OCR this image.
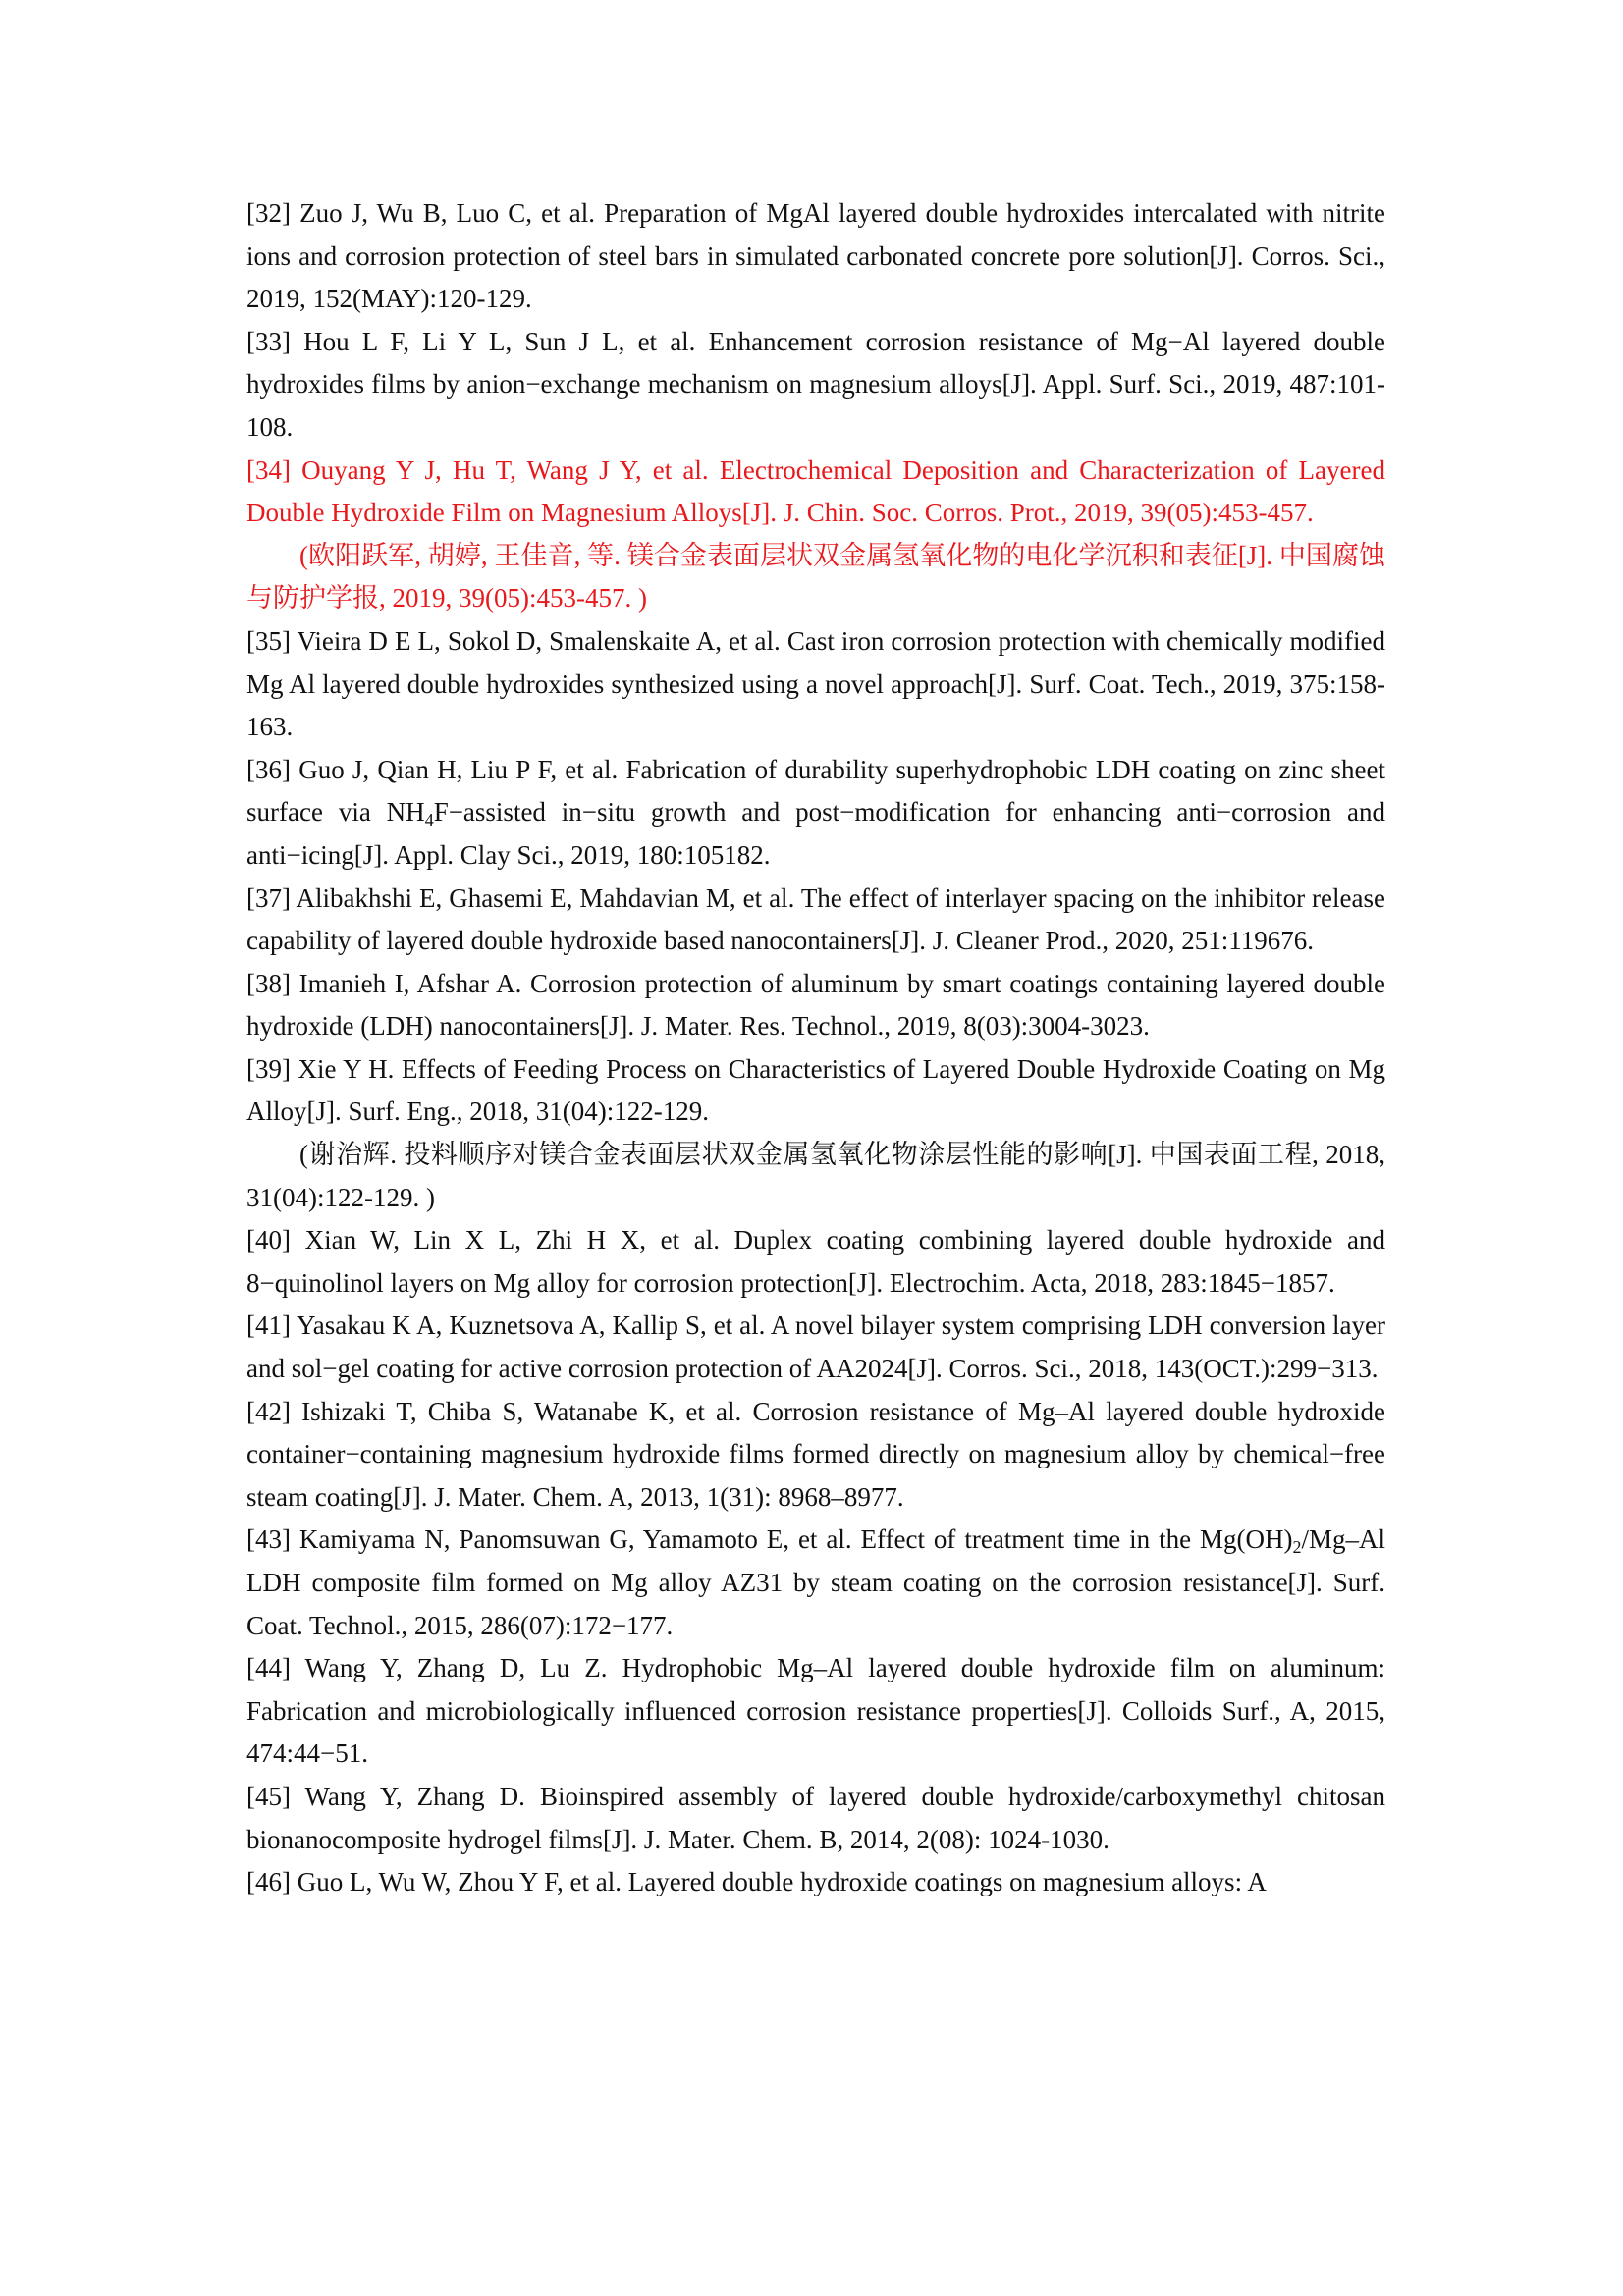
[32] Zuo J, Wu B, Luo C, et al. Preparation of MgAl layered double hydroxides intercalated with nitrite ions and corrosion protection of steel bars in simulated carbonated concrete pore solution[J]. Corros. Sci., 2019, 152(MAY):120-129.

[33] Hou L F, Li Y L, Sun J L, et al. Enhancement corrosion resistance of Mg−Al layered double hydroxides films by anion−exchange mechanism on magnesium alloys[J]. Appl. Surf. Sci., 2019, 487:101-108.

[34] Ouyang Y J, Hu T, Wang J Y, et al. Electrochemical Deposition and Characterization of Layered Double Hydroxide Film on Magnesium Alloys[J]. J. Chin. Soc. Corros. Prot., 2019, 39(05):453-457.

(欧阳跃军, 胡婷, 王佳音, 等. 镁合金表面层状双金属氢氧化物的电化学沉积和表征[J]. 中国腐蚀与防护学报, 2019, 39(05):453-457. )

[35] Vieira D E L, Sokol D, Smalenskaite A, et al. Cast iron corrosion protection with chemically modified Mg Al layered double hydroxides synthesized using a novel approach[J]. Surf. Coat. Tech., 2019, 375:158-163.

[36] Guo J, Qian H, Liu P F, et al. Fabrication of durability superhydrophobic LDH coating on zinc sheet surface via $NH_4F-assisted$ in−situ growth and post−modification for enhancing anti−corrosion and anti−icing[J]. Appl. Clay Sci., 2019, 180:105182.

[37] Alibakhshi E, Ghasemi E, Mahdavian M, et al. The effect of interlayer spacing on the inhibitor release capability of layered double hydroxide based nanocontainers[J]. J. Cleaner Prod., 2020, 251:119676.

[38] Imanieh I, Afshar A. Corrosion protection of aluminum by smart coatings containing layered double hydroxide (LDH) nanocontainers[J]. J. Mater. Res. Technol., 2019, 8(03):3004-3023.

[39] Xie Y H. Effects of Feeding Process on Characteristics of Layered Double Hydroxide Coating on Mg Alloy[J]. Surf. Eng., 2018, 31(04):122-129.

(谢治辉. 投料顺序对镁合金表面层状双金属氢氧化物涂层性能的影响[J]. 中国表面工程, 2018, 31(04):122-129. )

[40] Xian W, Lin X L, Zhi H X, et al. Duplex coating combining layered double hydroxide and 8−quinolinol layers on Mg alloy for corrosion protection[J]. Electrochim. Acta, 2018, 283:1845−1857.

[41] Yasakau K A, Kuznetsova A, Kallip S, et al. A novel bilayer system comprising LDH conversion layer and sol−gel coating for active corrosion protection of AA2024[J]. Corros. Sci., 2018, 143(OCT.):299−313.

[42] Ishizaki T, Chiba S, Watanabe K, et al. Corrosion resistance of Mg–Al layered double hydroxide container−containing magnesium hydroxide films formed directly on magnesium alloy by chemical−free steam coating[J]. J. Mater. Chem. A, 2013, 1(31): 8968–8977.

[43] Kamiyama N, Panomsuwan G, Yamamoto E, et al. Effect of treatment time in the $Mg(OH)_2/Mg-Al$ LDH composite film formed on Mg alloy AZ31 by steam coating on the corrosion resistance[J]. Surf. Coat. Technol., 2015, 286(07):172−177.

[44] Wang Y, Zhang D, Lu Z. Hydrophobic Mg–Al layered double hydroxide film on aluminum: Fabrication and microbiologically influenced corrosion resistance properties[J]. Colloids Surf., A, 2015, 474:44−51.

[45] Wang Y, Zhang D. Bioinspired assembly of layered double hydroxide/carboxymethyl chitosan bionanocomposite hydrogel films[J]. J. Mater. Chem. B, 2014, 2(08): 1024-1030.

[46] Guo L, Wu W, Zhou Y F, et al. Layered double hydroxide coatings on magnesium alloys: A
